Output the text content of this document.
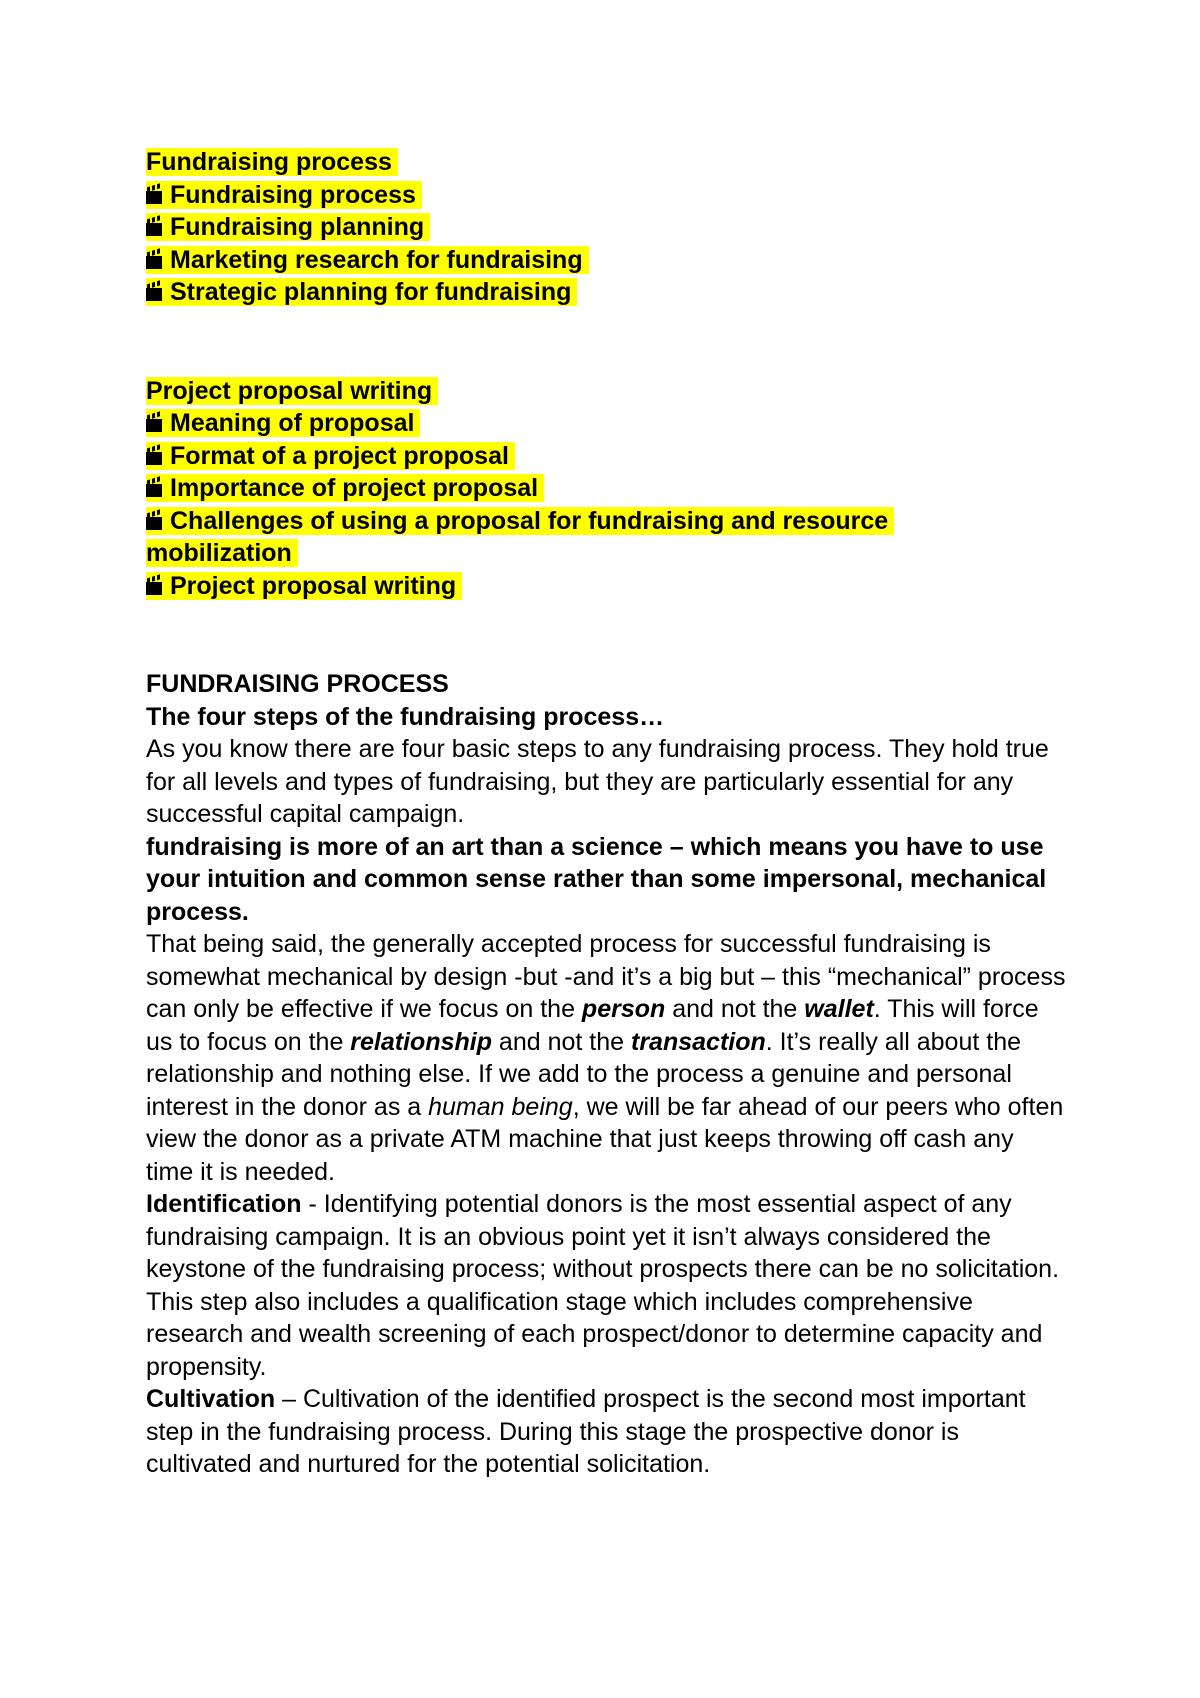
Fundraising process
Fundraising process
Fundraising planning
Marketing research for fundraising
Strategic planning for fundraising
Project proposal writing
Meaning of proposal
Format of a project proposal
Importance of project proposal
Challenges of using a proposal for fundraising and resource
mobilization
Project proposal writing

FUNDRAISING PROCESS

The four steps of the fundraising process…

As you know there are four basic steps to any fundraising process. They hold true for all levels and types of fundraising, but they are particularly essential for any successful capital campaign.

fundraising is more of an art than a science – which means you have to use your intuition and common sense rather than some impersonal, mechanical process.

That being said, the generally accepted process for successful fundraising is somewhat mechanical by design -but -and it’s a big but – this “mechanical” process can only be effective if we focus on the person and not the wallet. This will force us to focus on the relationship and not the transaction. It’s really all about the relationship and nothing else. If we add to the process a genuine and personal interest in the donor as a human being, we will be far ahead of our peers who often view the donor as a private ATM machine that just keeps throwing off cash any time it is needed.

Identification - Identifying potential donors is the most essential aspect of any fundraising campaign. It is an obvious point yet it isn’t always considered the keystone of the fundraising process; without prospects there can be no solicitation. This step also includes a qualification stage which includes comprehensive research and wealth screening of each prospect/donor to determine capacity and propensity.

Cultivation – Cultivation of the identified prospect is the second most important step in the fundraising process. During this stage the prospective donor is cultivated and nurtured for the potential solicitation.
